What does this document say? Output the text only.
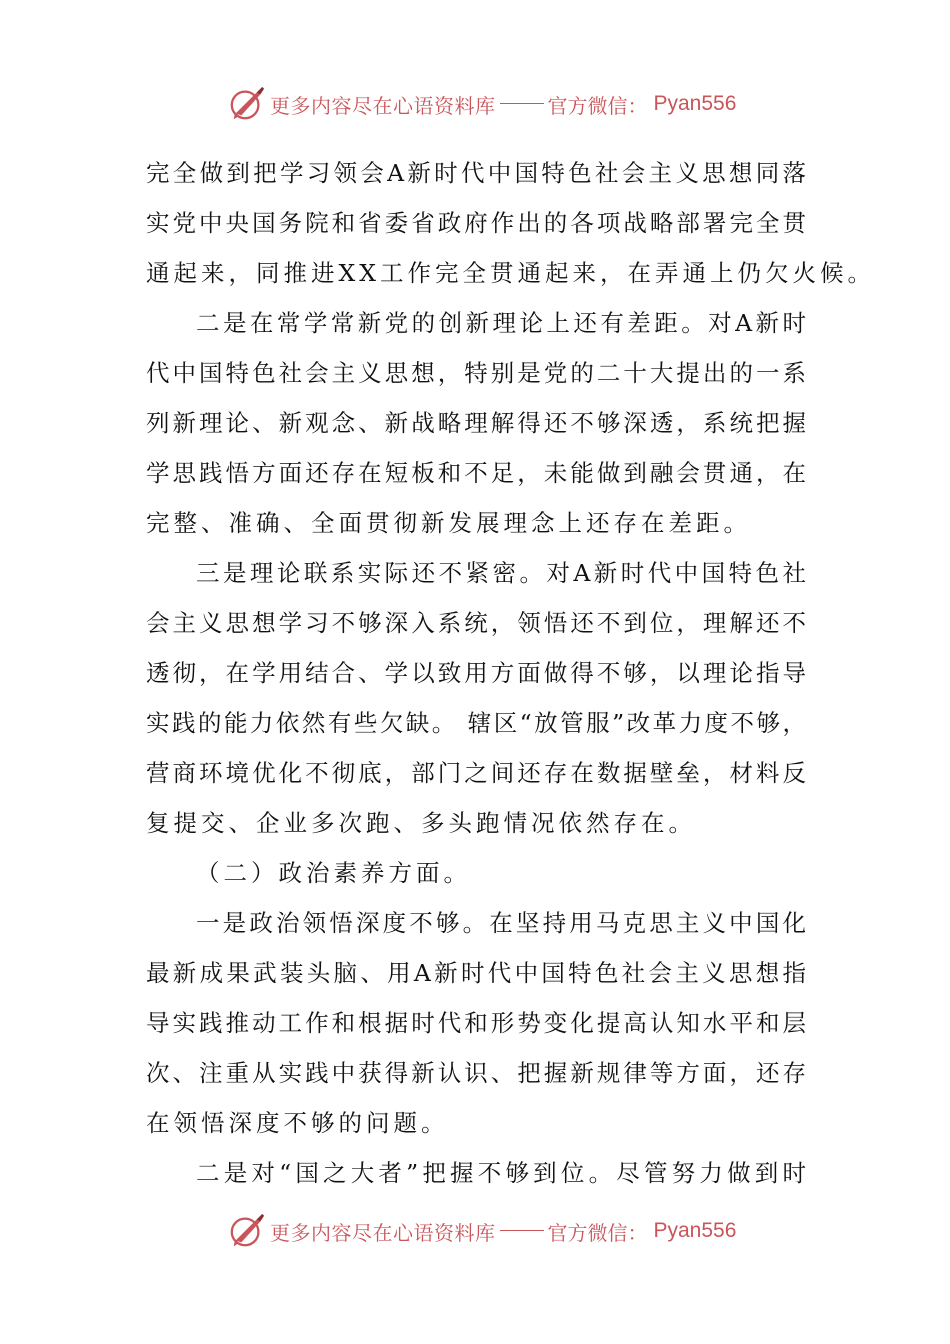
更多内容尽在心语资料库	官方微信： Pyan556
完全做到把学习领会A新时代中国特色社会主义思想同落
实党中央国务院和省委省政府作出的各项战略部署完全贯
通起来，同推进XX工作完全贯通起来，在弄通上仍欠火候。
二是在常学常新党的创新理论上还有差距。对A新时
代中国特色社会主义思想，特别是党的二十大提出的一系
列新理论、新观念、新战略理解得还不够深透，系统把握
学思践悟方面还存在短板和不足，未能做到融会贯通，在
完整、准确、全面贯彻新发展理念上还存在差距。
三是理论联系实际还不紧密。对A新时代中国特色社
会主义思想学习不够深入系统，领悟还不到位，理解还不
透彻，在学用结合、学以致用方面做得不够，以理论指导
实践的能力依然有些欠缺。 辖区“放管服”改革力度不够，
营商环境优化不彻底，部门之间还存在数据壁垒，材料反
复提交、企业多次跑、多头跑情况依然存在。
（二）政治素养方面。
一是政治领悟深度不够。在坚持用马克思主义中国化
最新成果武装头脑、用A新时代中国特色社会主义思想指
导实践推动工作和根据时代和形势变化提高认知水平和层
次、注重从实践中获得新认识、把握新规律等方面，还存
在领悟深度不够的问题。
二是对“国之大者”把握不够到位。尽管努力做到时
更多内容尽在心语资料库	官方微信： Pyan556
